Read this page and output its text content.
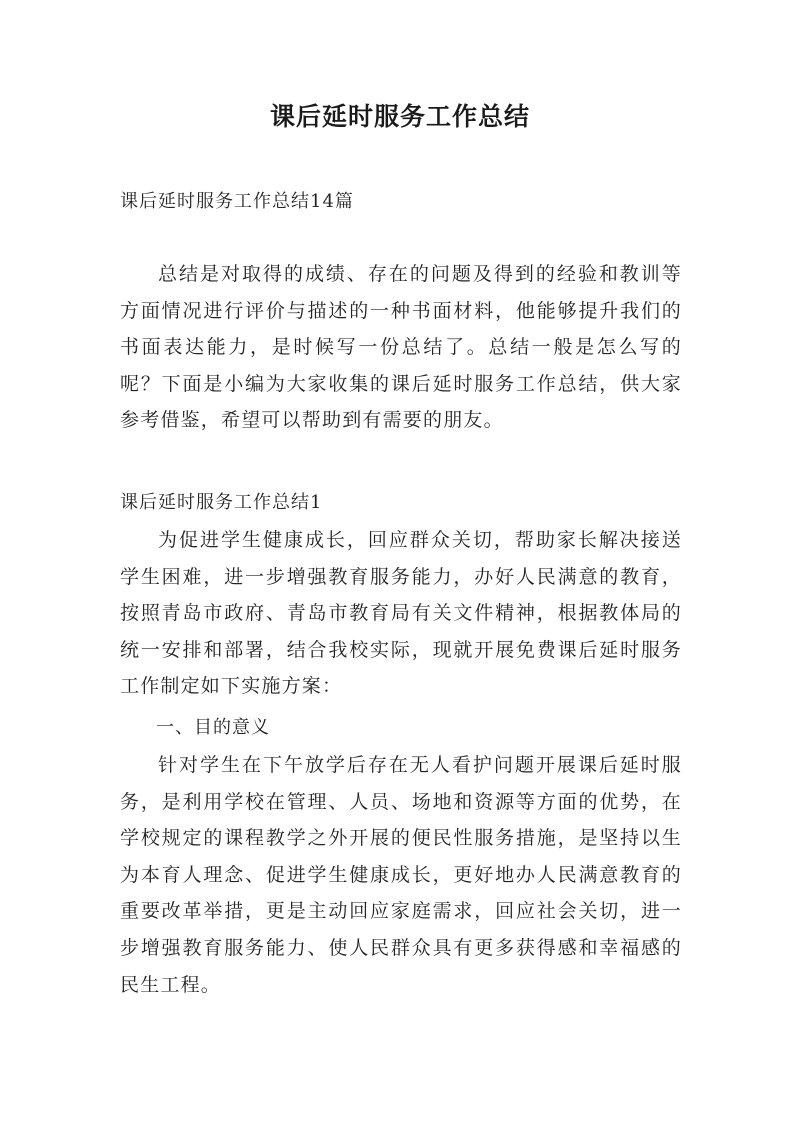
课后延时服务工作总结
课后延时服务工作总结14篇

总结是对取得的成绩、存在的问题及得到的经验和教训等方面情况进行评价与描述的一种书面材料，他能够提升我们的书面表达能力，是时候写一份总结了。总结一般是怎么写的呢？下面是小编为大家收集的课后延时服务工作总结，供大家参考借鉴，希望可以帮助到有需要的朋友。

课后延时服务工作总结1

为促进学生健康成长，回应群众关切，帮助家长解决接送学生困难，进一步增强教育服务能力，办好人民满意的教育，按照青岛市政府、青岛市教育局有关文件精神，根据教体局的统一安排和部署，结合我校实际，现就开展免费课后延时服务工作制定如下实施方案：

一、目的意义

针对学生在下午放学后存在无人看护问题开展课后延时服务，是利用学校在管理、人员、场地和资源等方面的优势，在学校规定的课程教学之外开展的便民性服务措施，是坚持以生为本育人理念、促进学生健康成长，更好地办人民满意教育的重要改革举措，更是主动回应家庭需求，回应社会关切，进一步增强教育服务能力、使人民群众具有更多获得感和幸福感的民生工程。
